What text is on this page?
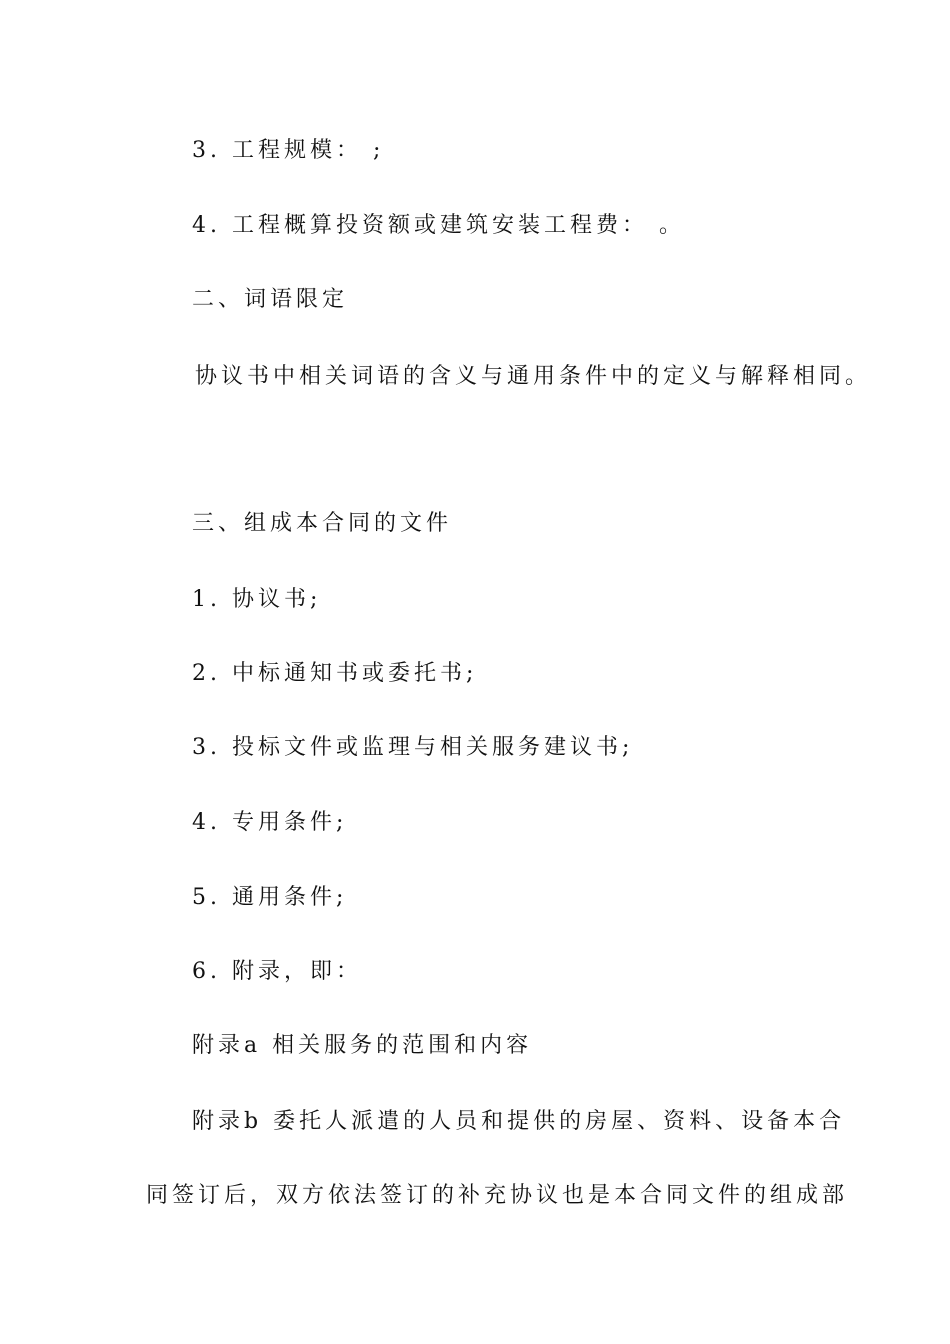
3. 工程规模： ;

4. 工程概算投资额或建筑安装工程费： 。

二、词语限定

协议书中相关词语的含义与通用条件中的定义与解释相同。

三、组成本合同的文件

1. 协议书;

2. 中标通知书或委托书;

3. 投标文件或监理与相关服务建议书;

4. 专用条件;

5. 通用条件;

6. 附录，即：

附录a 相关服务的范围和内容

附录b 委托人派遣的人员和提供的房屋、资料、设备本合

同签订后，双方依法签订的补充协议也是本合同文件的组成部
